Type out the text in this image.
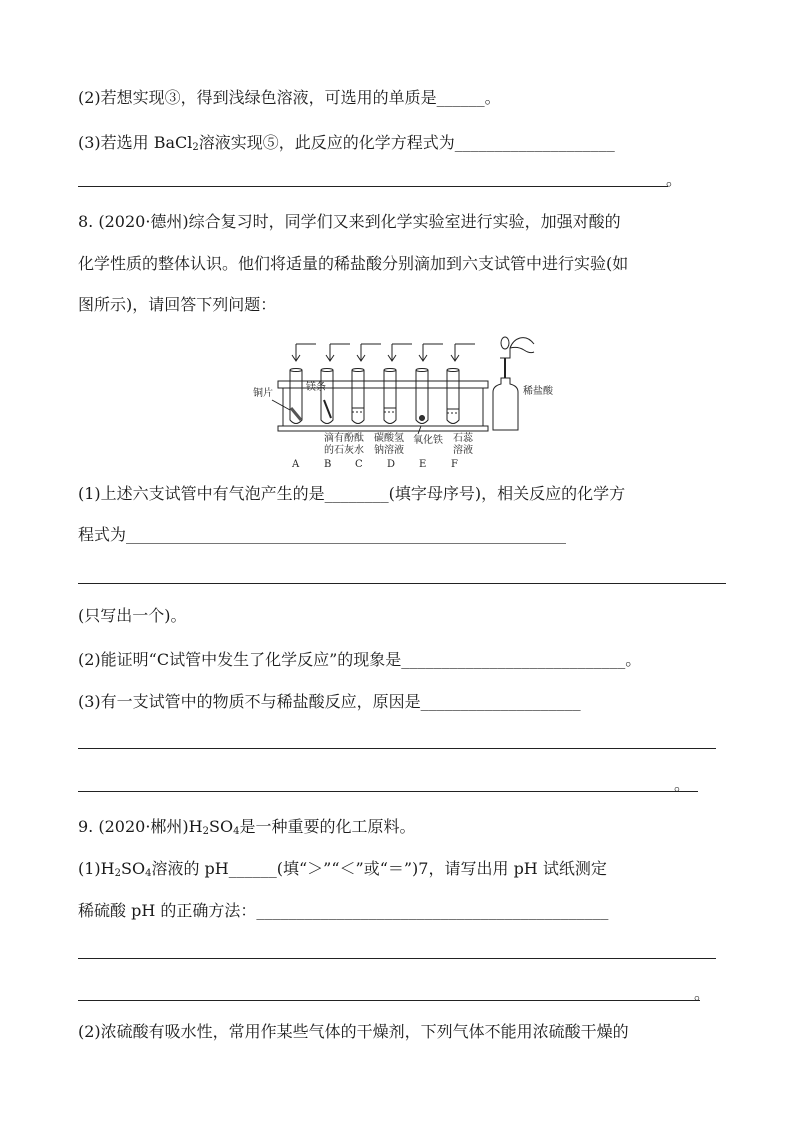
(2)若想实现③，得到浅绿色溶液，可选用的单质是______。
(3)若选用 BaCl$_2$溶液实现⑤，此反应的化学方程式为____________________
。
8. (2020·德州)综合复习时，同学们又来到化学实验室进行实验，加强对酸的
化学性质的整体认识。他们将适量的稀盐酸分别滴加到六支试管中进行实验(如
图所示)，请回答下列问题：
铜片
镁条	稀盐酸
滴有酚酞
的石灰水
碳酸氢
钠溶液
氧化铁 石蕊
溶液
A B C D E F
(1)上述六支试管中有气泡产生的是________(填字母序号)，相关反应的化学方
程式为_______________________________________________________
(只写出一个)。
(2)能证明“C试管中发生了化学反应”的现象是____________________________。
(3)有一支试管中的物质不与稀盐酸反应，原因是____________________
。
9. (2020·郴州)$H_2SO_4$是一种重要的化工原料。
$(1)H_2SO_4$溶液的 pH______(填“＞”“＜”或“＝”)7，请写出用 pH 试纸测定
稀硫酸 pH 的正确方法：____________________________________________
。
(2)浓硫酸有吸水性，常用作某些气体的干燥剂，下列气体不能用浓硫酸干燥的
